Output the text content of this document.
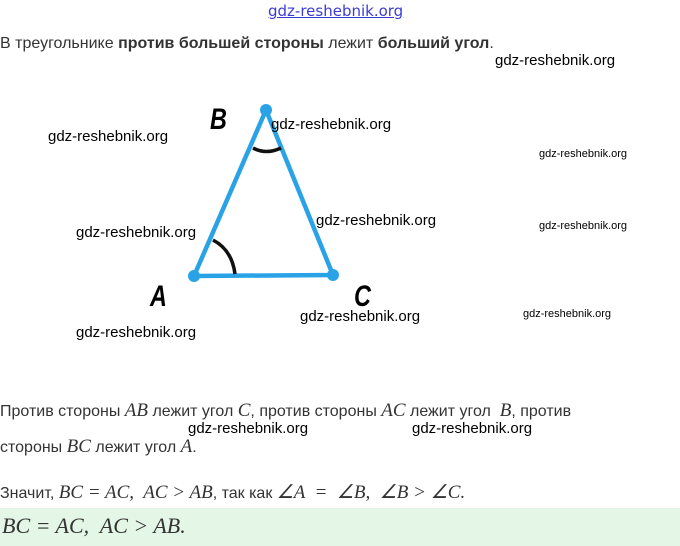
gdz-reshebnik.org
В треугольнике против большей стороны лежит больший угол.
B
A	C
gdz-reshebnik.org
gdz-reshebnik.org
gdz-reshebnik.org
gdz-reshebnik.org
gdz-reshebnik.org	gdz-reshebnik.org
gdz-reshebnik.org
gdz-reshebnik.org
gdz-reshebnik.org
gdz-reshebnik.org
gdz-reshebnik.org	gdz-reshebnik.org
Против стороны AB лежит угол C, против стороны AC лежит угол  B, против
стороны BC лежит угол A.
Значит, BC = AC,  AC > AB, так как ∠A  =  ∠B,  ∠B > ∠C.
BC = AC,  AC > AB.
